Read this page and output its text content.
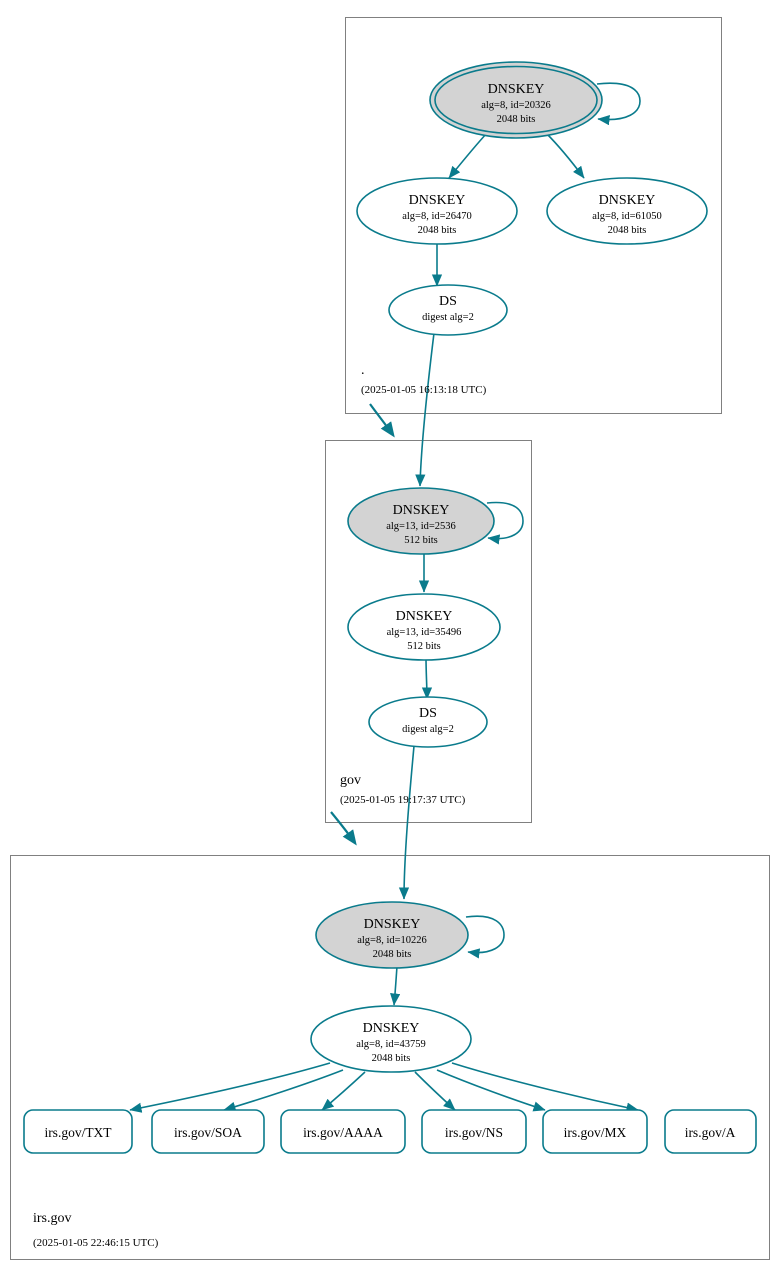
DNSKEY
alg=8, id=20326
2048 bits
DNSKEY
alg=8, id=26470
2048 bits
DNSKEY
alg=8, id=61050
2048 bits
DS
digest alg=2
.
(2025-01-05 16:13:18 UTC)
DNSKEY
alg=13, id=2536
512 bits
DNSKEY
alg=13, id=35496
512 bits
DS
digest alg=2
gov
(2025-01-05 19:17:37 UTC)
DNSKEY
alg=8, id=10226
2048 bits
DNSKEY
alg=8, id=43759
2048 bits
irs.gov/TXT	irs.gov/SOA	irs.gov/AAAA	irs.gov/NS	irs.gov/MX	irs.gov/A
irs.gov
(2025-01-05 22:46:15 UTC)
